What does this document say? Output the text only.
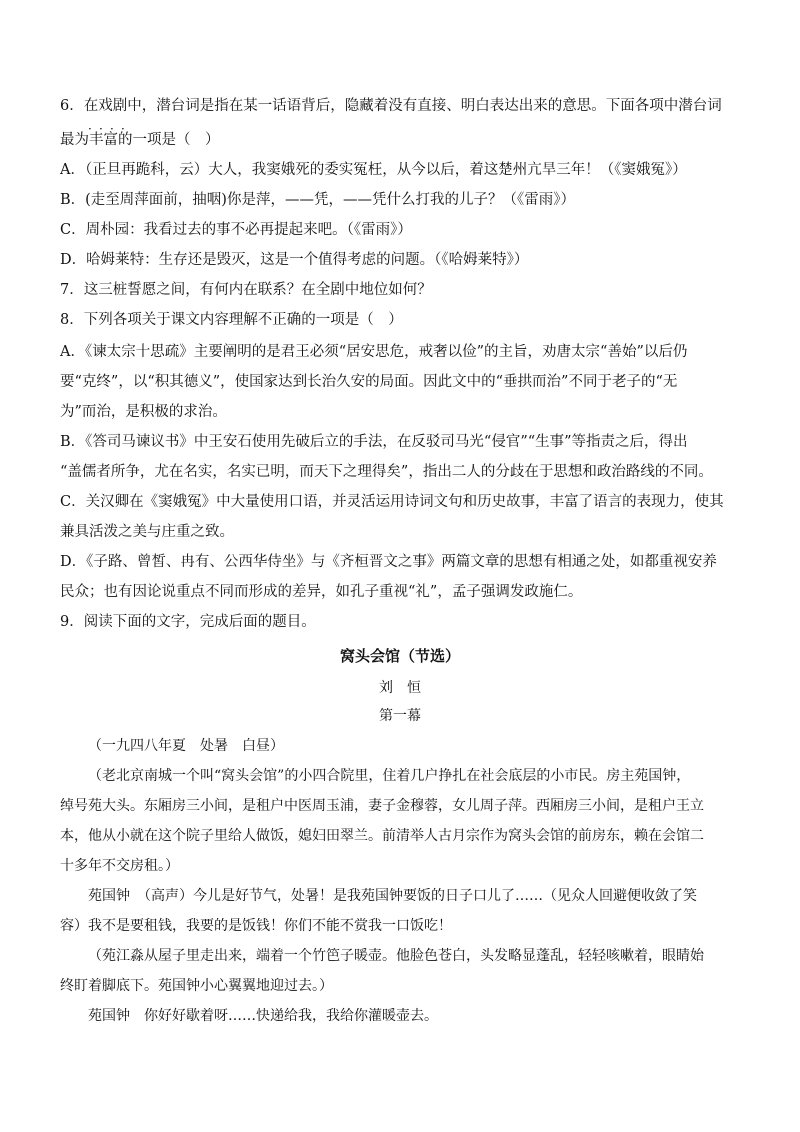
6．在戏剧中，潜台词是指在某一话语背后，隐藏着没有直接、明白表达出来的意思。下面各项中潜台词
····
最为丰富的一项是（　）
A．（正旦再跪科，云）大人，我窦娥死的委实冤枉，从今以后，着这楚州亢旱三年！（《窦娥冤》）
B．(走至周萍面前，抽咽)你是萍，——凭，——凭什么打我的儿子？（《雷雨》）
C．周朴园：我看过去的事不必再提起来吧。（《雷雨》）
D．哈姆莱特：生存还是毁灭，这是一个值得考虑的问题。（《哈姆莱特》）
7．这三桩誓愿之间，有何内在联系？在全剧中地位如何？
8．下列各项关于课文内容理解不正确的一项是（　）
A．《谏太宗十思疏》主要阐明的是君王必须“居安思危，戒奢以俭”的主旨，劝唐太宗“善始”以后仍
要“克终”，以“积其德义”，使国家达到长治久安的局面。因此文中的“垂拱而治”不同于老子的“无
为”而治，是积极的求治。
B．《答司马谏议书》中王安石使用先破后立的手法，在反驳司马光“侵官”“生事”等指责之后，得出
“盖儒者所争，尤在名实，名实已明，而天下之理得矣”，指出二人的分歧在于思想和政治路线的不同。
C．关汉卿在《窦娥冤》中大量使用口语，并灵活运用诗词文句和历史故事，丰富了语言的表现力，使其
兼具活泼之美与庄重之致。
D．《子路、曾皙、冉有、公西华侍坐》与《齐桓晋文之事》两篇文章的思想有相通之处，如都重视安养
民众；也有因论说重点不同而形成的差异，如孔子重视“礼”，孟子强调发政施仁。
9．阅读下面的文字，完成后面的题目。
窝头会馆（节选）
刘　恒
第一幕
（一九四八年夏　处暑　白昼）
（老北京南城一个叫“窝头会馆”的小四合院里，住着几户挣扎在社会底层的小市民。房主苑国钟，
绰号苑大头。东厢房三小间，是租户中医周玉浦，妻子金穆蓉，女儿周子萍。西厢房三小间，是租户王立
本，他从小就在这个院子里给人做饭，媳妇田翠兰。前清举人古月宗作为窝头会馆的前房东，赖在会馆二
十多年不交房租。）
苑国钟　（高声）今儿是好节气，处暑！是我苑国钟要饭的日子口儿了……（见众人回避便收敛了笑
容）我不是要租钱，我要的是饭钱！你们不能不赏我一口饭吃！
（苑江淼从屋子里走出来，端着一个竹笆子暖壶。他脸色苍白，头发略显蓬乱，轻轻咳嗽着，眼睛始
终盯着脚底下。苑国钟小心翼翼地迎过去。）
苑国钟　你好好歇着呀……快递给我，我给你灌暖壶去。
